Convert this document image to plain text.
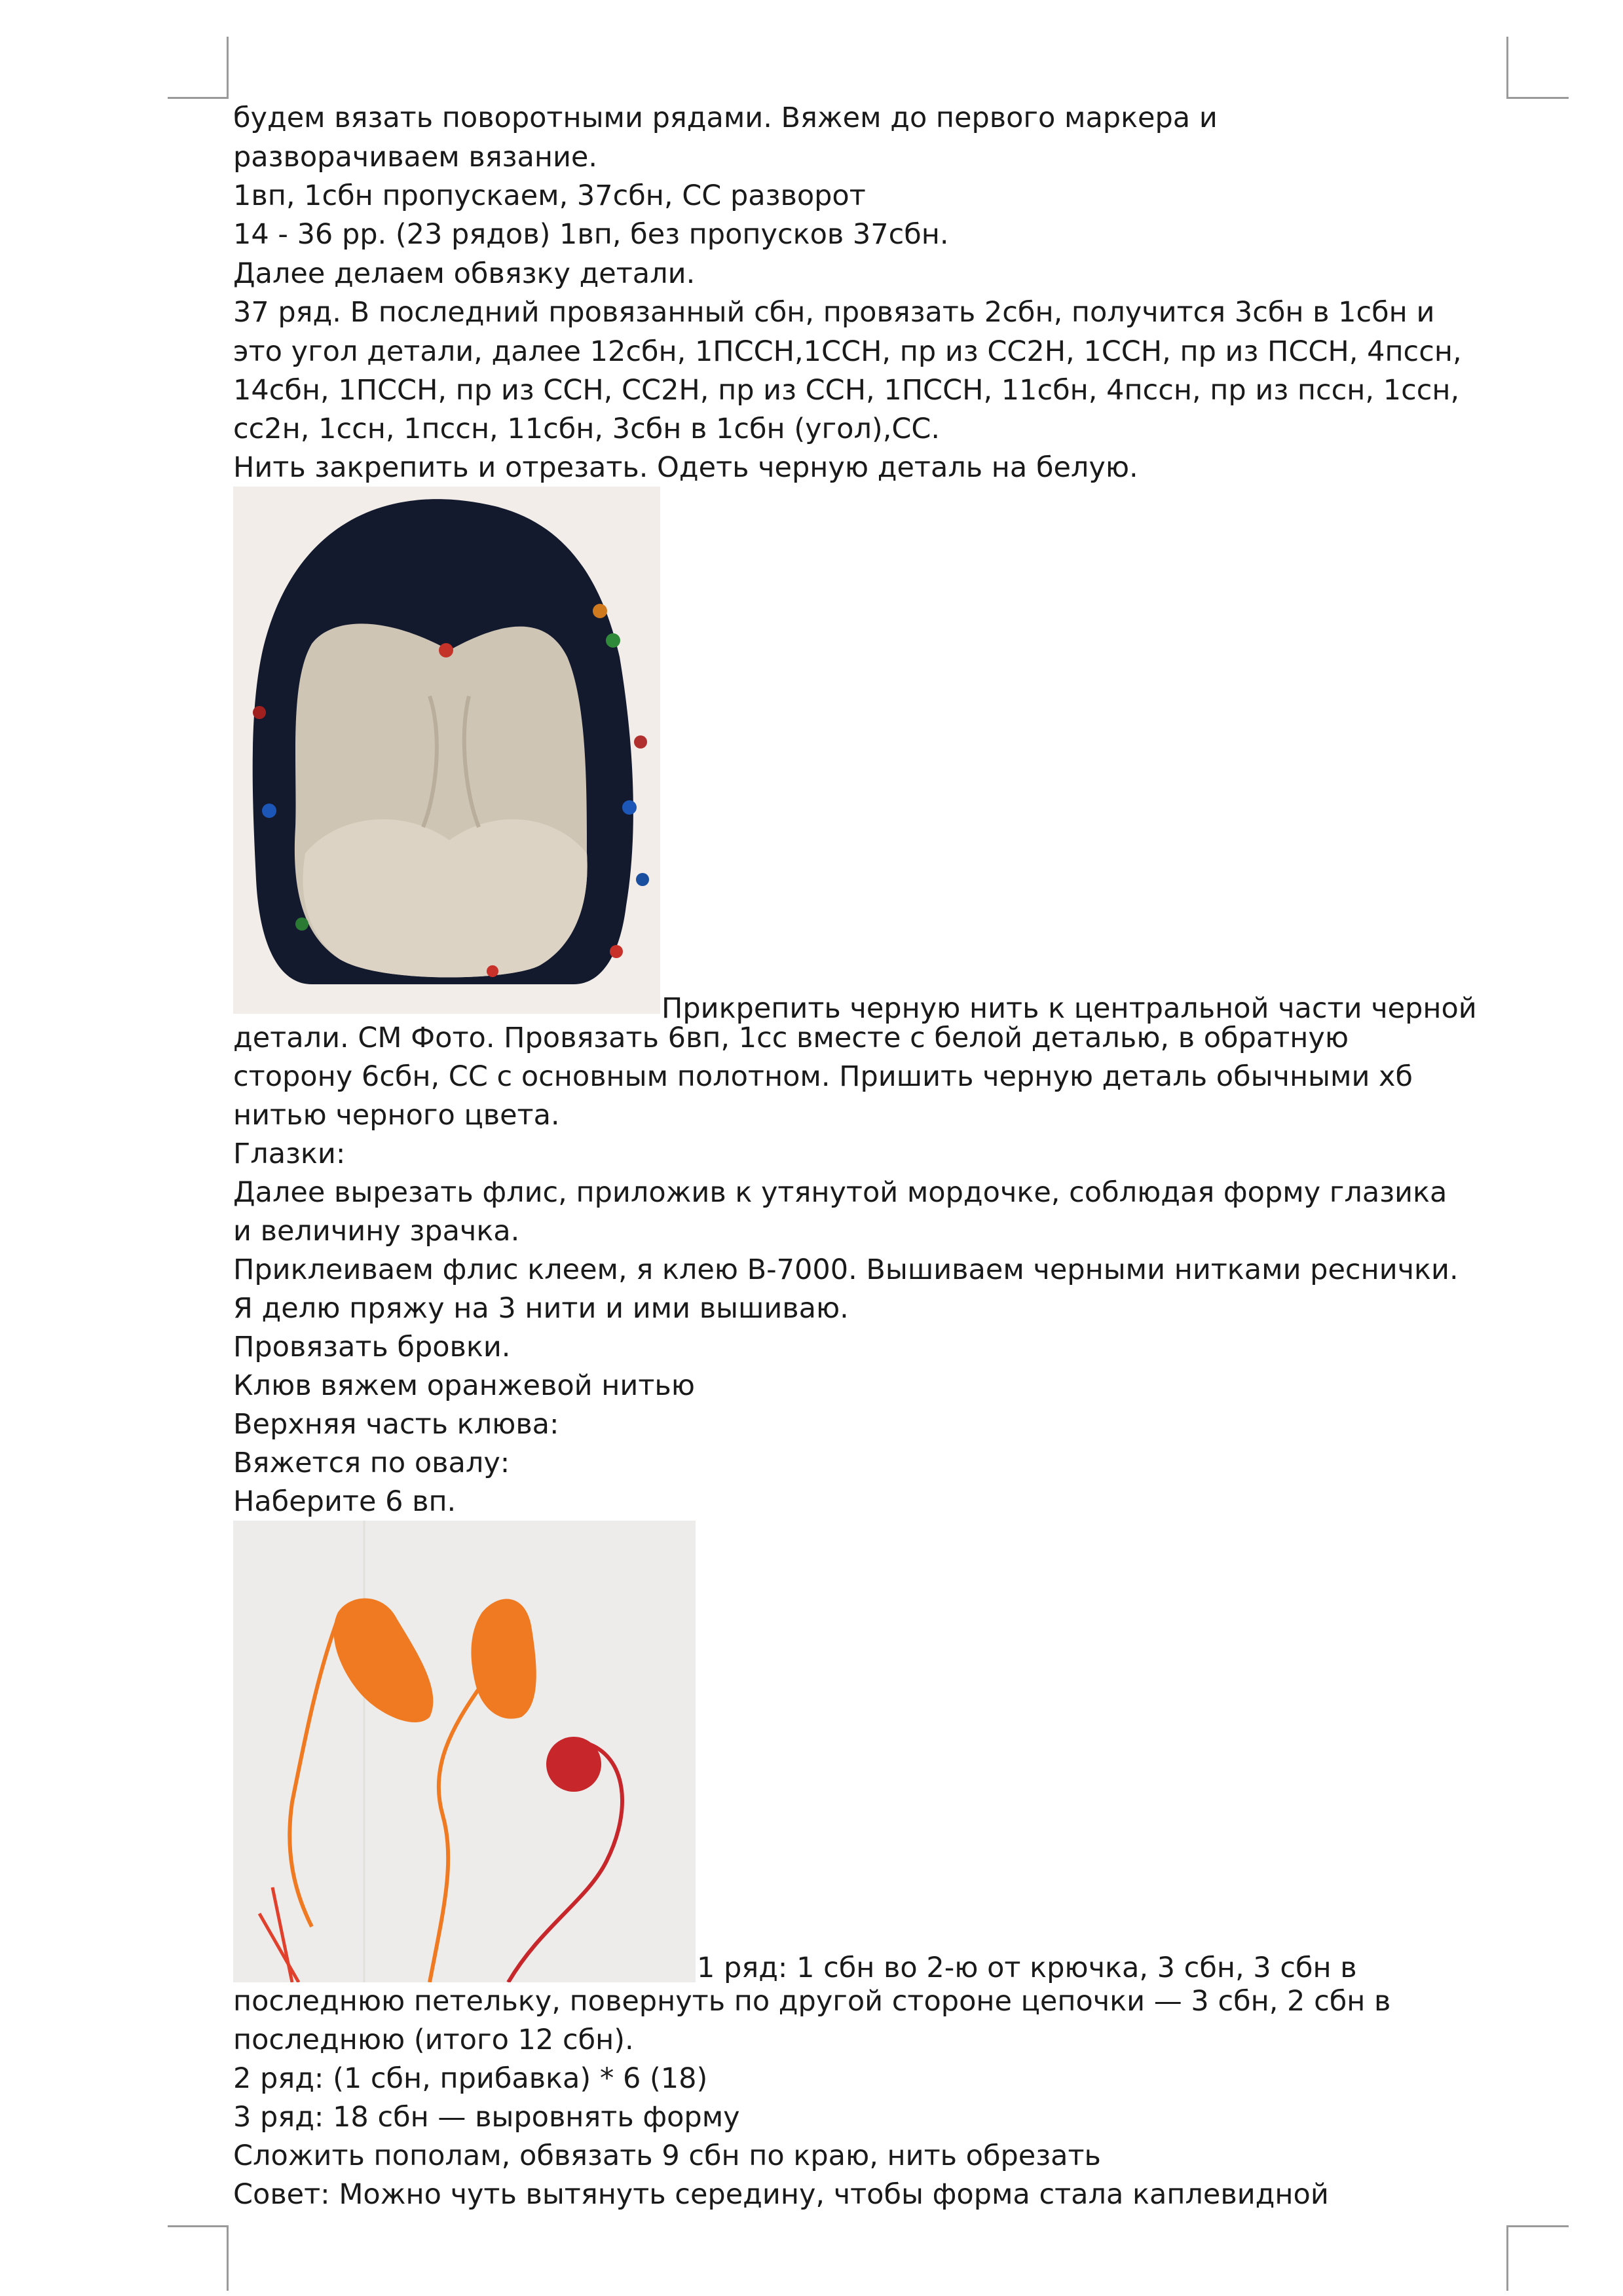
будем вязать поворотными рядами. Вяжем до первого маркера и
разворачиваем вязание.
1вп, 1сбн пропускаем, 37сбн, СС разворот
14 - 36 рр. (23 рядов) 1вп, без пропусков 37сбн.
Далее делаем обвязку детали.
37 ряд. В последний провязанный сбн, провязать 2сбн, получится 3сбн в 1сбн и
это угол детали, далее 12сбн, 1ПССН,1ССН, пр из СС2Н, 1ССН, пр из ПССН, 4пссн,
14сбн, 1ПССН, пр из ССН, СС2Н, пр из ССН, 1ПССН, 11сбн, 4пссн, пр из пссн, 1ссн,
сс2н, 1ссн, 1пссн, 11сбн, 3сбн в 1сбн (угол),СС.
Нить закрепить и отрезать. Одеть черную деталь на белую.
Прикрепить черную нить к центральной части черной
детали. СМ Фото. Провязать 6вп, 1сс вместе с белой деталью, в обратную
сторону 6сбн, СС с основным полотном. Пришить черную деталь обычными хб
нитью черного цвета.
Глазки:
Далее вырезать флис, приложив к утянутой мордочке, соблюдая форму глазика
и величину зрачка.
Приклеиваем флис клеем, я клею В-7000. Вышиваем черными нитками реснички.
Я делю пряжу на 3 нити и ими вышиваю.
Провязать бровки.
Клюв вяжем оранжевой нитью
Верхняя часть клюва:
Вяжется по овалу:
Наберите 6 вп.
1 ряд: 1 сбн во 2-ю от крючка, 3 сбн, 3 сбн в
последнюю петельку, повернуть по другой стороне цепочки — 3 сбн, 2 сбн в
последнюю (итого 12 сбн).
2 ряд: (1 сбн, прибавка) * 6 (18)
3 ряд: 18 сбн — выровнять форму
Сложить пополам, обвязать 9 сбн по краю, нить обрезать
Совет: Можно чуть вытянуть середину, чтобы форма стала каплевидной
